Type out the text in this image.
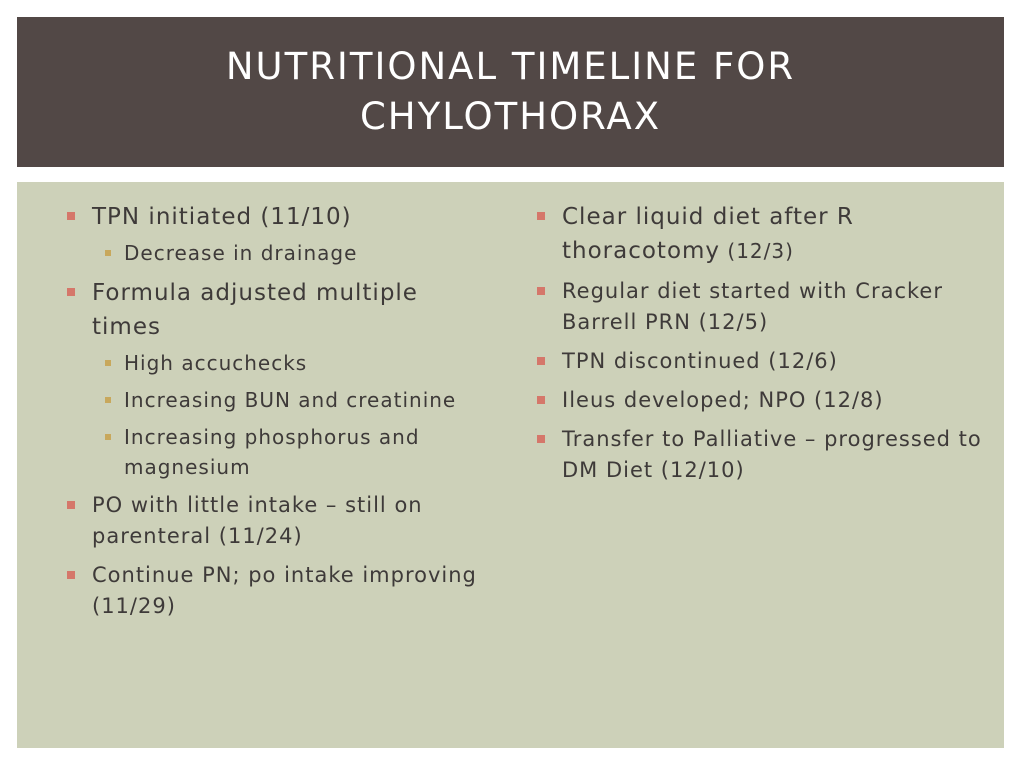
NUTRITIONAL TIMELINE FOR CHYLOTHORAX
TPN initiated (11/10)
Decrease in drainage
Formula adjusted multiple times
High accuchecks
Increasing BUN and creatinine
Increasing phosphorus and magnesium
PO with little intake – still on parenteral (11/24)
Continue PN; po intake improving (11/29)
Clear liquid diet after R thoracotomy (12/3)
Regular diet started with Cracker Barrell PRN (12/5)
TPN discontinued (12/6)
Ileus developed; NPO (12/8)
Transfer to Palliative – progressed to DM Diet (12/10)
